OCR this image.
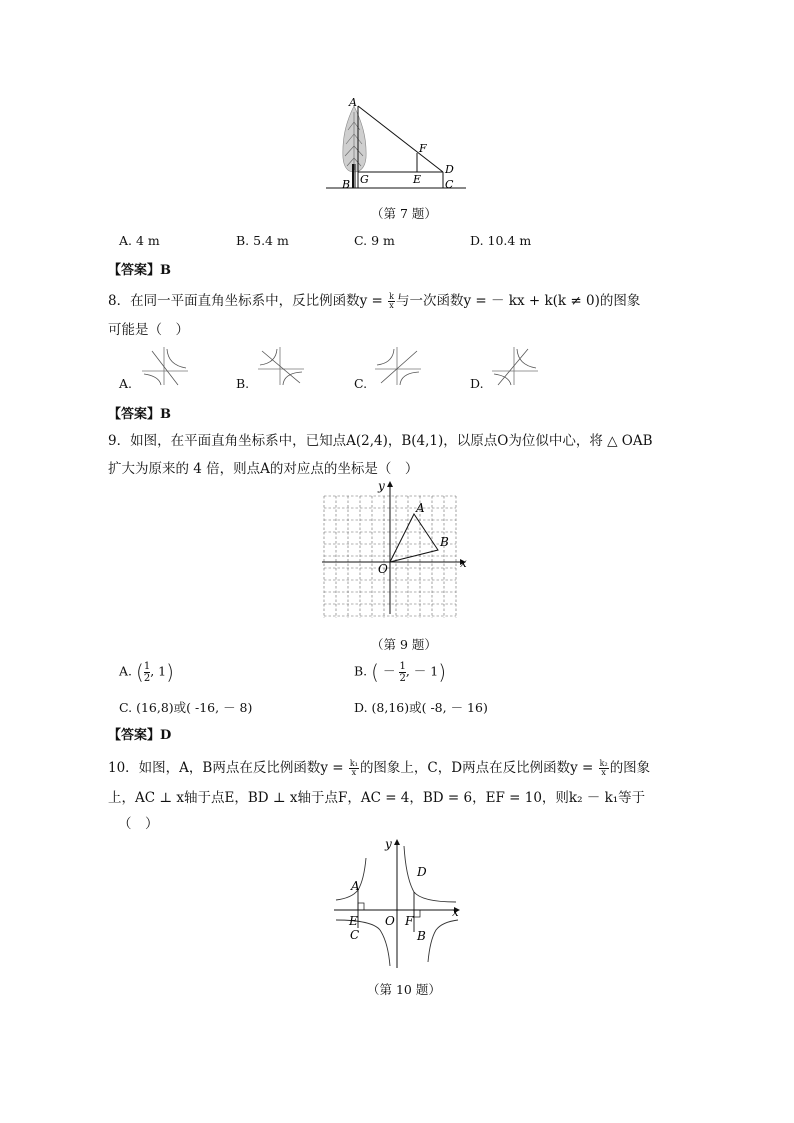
A
F
D
B G	E C
（第 7 题）
A. 4 m	B. 5.4 m	C. 9 m	D. 10.4 m
【答案】B
8．在同一平面直角坐标系中，反比例函数$y = \frac{k}{x}$ 与一次函数y = － kx + k(k ≠ 0)的图象
可能是（　）
A.	B.	C.	D.
【答案】B
9．如图，在平面直角坐标系中，已知点A(2,4)，B(4,1)，以原点O为位似中心，将 △ OAB
扩大为原来的 4 倍，则点A的对应点的坐标是（　）
y
x
O
A
B
（第 9 题）
A. ( $\frac{1}{2}$ , 1)	B. ( － $\frac{1}{2}$ , － 1)
C. (16,8)或( -16, － 8)	D. (8,16)或( -8, － 16)
【答案】D
10．如图，A，B两点在反比例函数$y = \frac{\text{k₁}}{x}$ 的图象上，C，D两点在反比例函数$y = \frac{\text{k₂}}{x}$ 的图象
上，AC ⊥ x轴于点E，BD ⊥ x轴于点F，AC = 4，BD = 6，EF = 10，则k₂ － k₁等于
（　）
y
x
O
A
B
C
D
E	F
（第 10 题）
